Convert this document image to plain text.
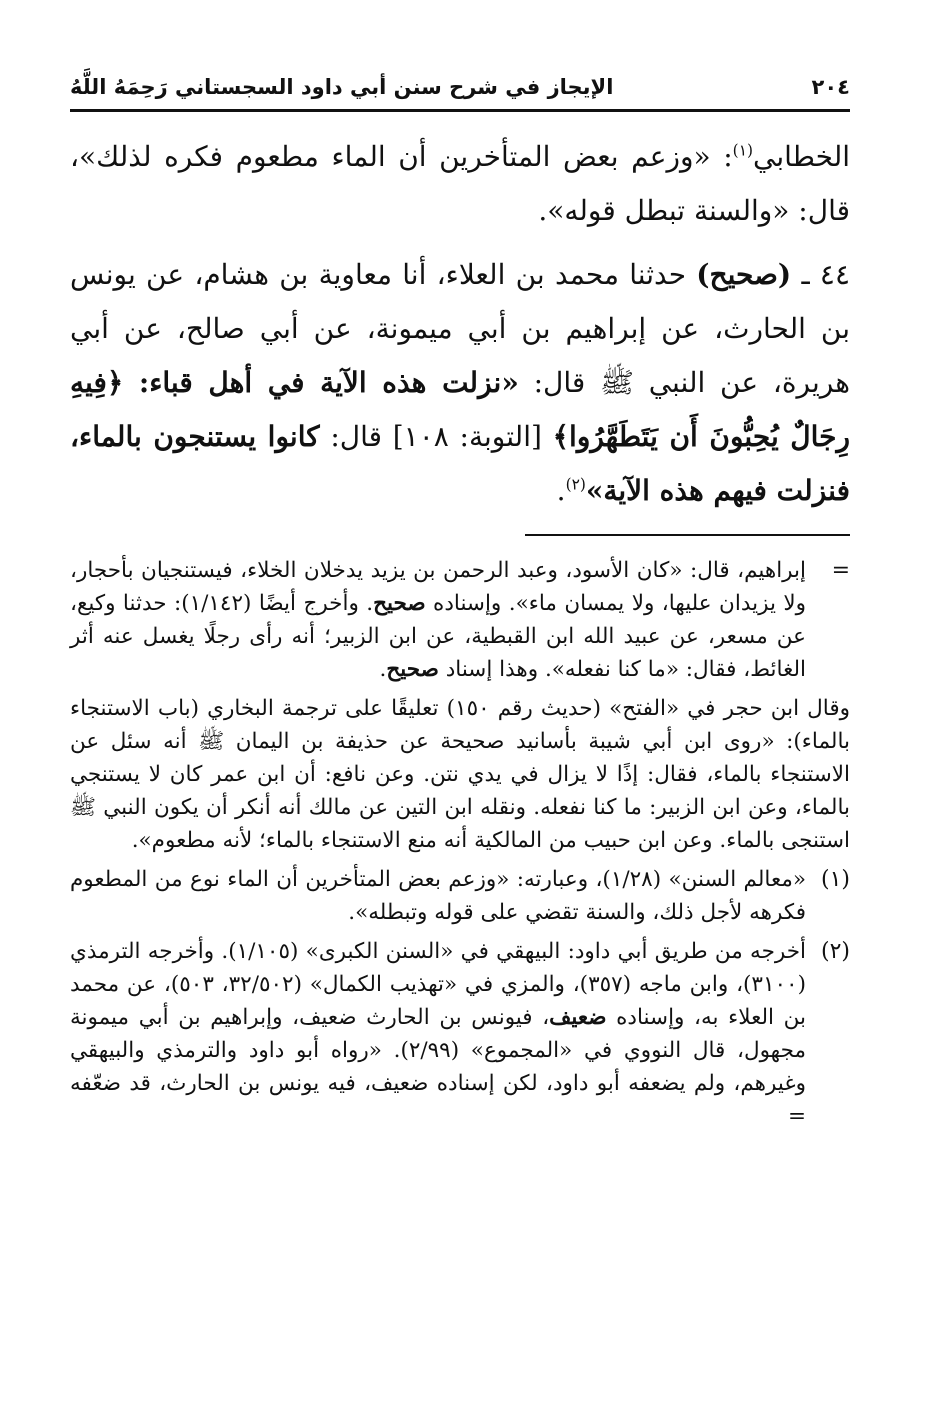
٢٠٤
الإيجاز في شرح سنن أبي داود السجستاني رَحِمَهُ اللَّهُ

الخطابي$^{(١)}$: «وزعم بعض المتأخرين أن الماء مطعوم فكره لذلك»، قال: «والسنة تبطل قوله».

٤٤ ـ (صحيح) حدثنا محمد بن العلاء، أنا معاوية بن هشام، عن يونس بن الحارث، عن إبراهيم بن أبي ميمونة، عن أبي صالح، عن أبي هريرة، عن النبي ﷺ قال: «نزلت هذه الآية في أهل قباء: ﴿فِيهِ رِجَالٌ يُحِبُّونَ أَن يَتَطَهَّرُوا﴾ [التوبة: ١٠٨] قال: كانوا يستنجون بالماء، فنزلت فيهم هذه الآية»$^{(٢)}$.

=
إبراهيم، قال: «كان الأسود، وعبد الرحمن بن يزيد يدخلان الخلاء، فيستنجيان بأحجار، ولا يزيدان عليها، ولا يمسان ماء». وإسناده صحيح. وأخرج أيضًا (١/١٤٢): حدثنا وكيع، عن مسعر، عن عبيد الله ابن القبطية، عن ابن الزبير؛ أنه رأى رجلًا يغسل عنه أثر الغائط، فقال: «ما كنا نفعله». وهذا إسناد صحيح.

وقال ابن حجر في «الفتح» (حديث رقم ١٥٠) تعليقًا على ترجمة البخاري (باب الاستنجاء بالماء): «روى ابن أبي شيبة بأسانيد صحيحة عن حذيفة بن اليمان ﷺ أنه سئل عن الاستنجاء بالماء، فقال: إذًا لا يزال في يدي نتن. وعن نافع: أن ابن عمر كان لا يستنجي بالماء، وعن ابن الزبير: ما كنا نفعله. ونقله ابن التين عن مالك أنه أنكر أن يكون النبي ﷺ استنجى بالماء. وعن ابن حبيب من المالكية أنه منع الاستنجاء بالماء؛ لأنه مطعوم».

(١)
«معالم السنن» (١/٢٨)، وعبارته: «وزعم بعض المتأخرين أن الماء نوع من المطعوم فكرهه لأجل ذلك، والسنة تقضي على قوله وتبطله».
(٢)
أخرجه من طريق أبي داود: البيهقي في «السنن الكبرى» (١/١٠٥). وأخرجه الترمذي (٣١٠٠)، وابن ماجه (٣٥٧)، والمزي في «تهذيب الكمال» (٣٢/٥٠٢، ٥٠٣)، عن محمد بن العلاء به، وإسناده ضعيف، فيونس بن الحارث ضعيف، وإبراهيم بن أبي ميمونة مجهول، قال النووي في «المجموع» (٢/٩٩). «رواه أبو داود والترمذي والبيهقي وغيرهم، ولم يضعفه أبو داود، لكن إسناده ضعيف، فيه يونس بن الحارث، قد ضعّفه =
